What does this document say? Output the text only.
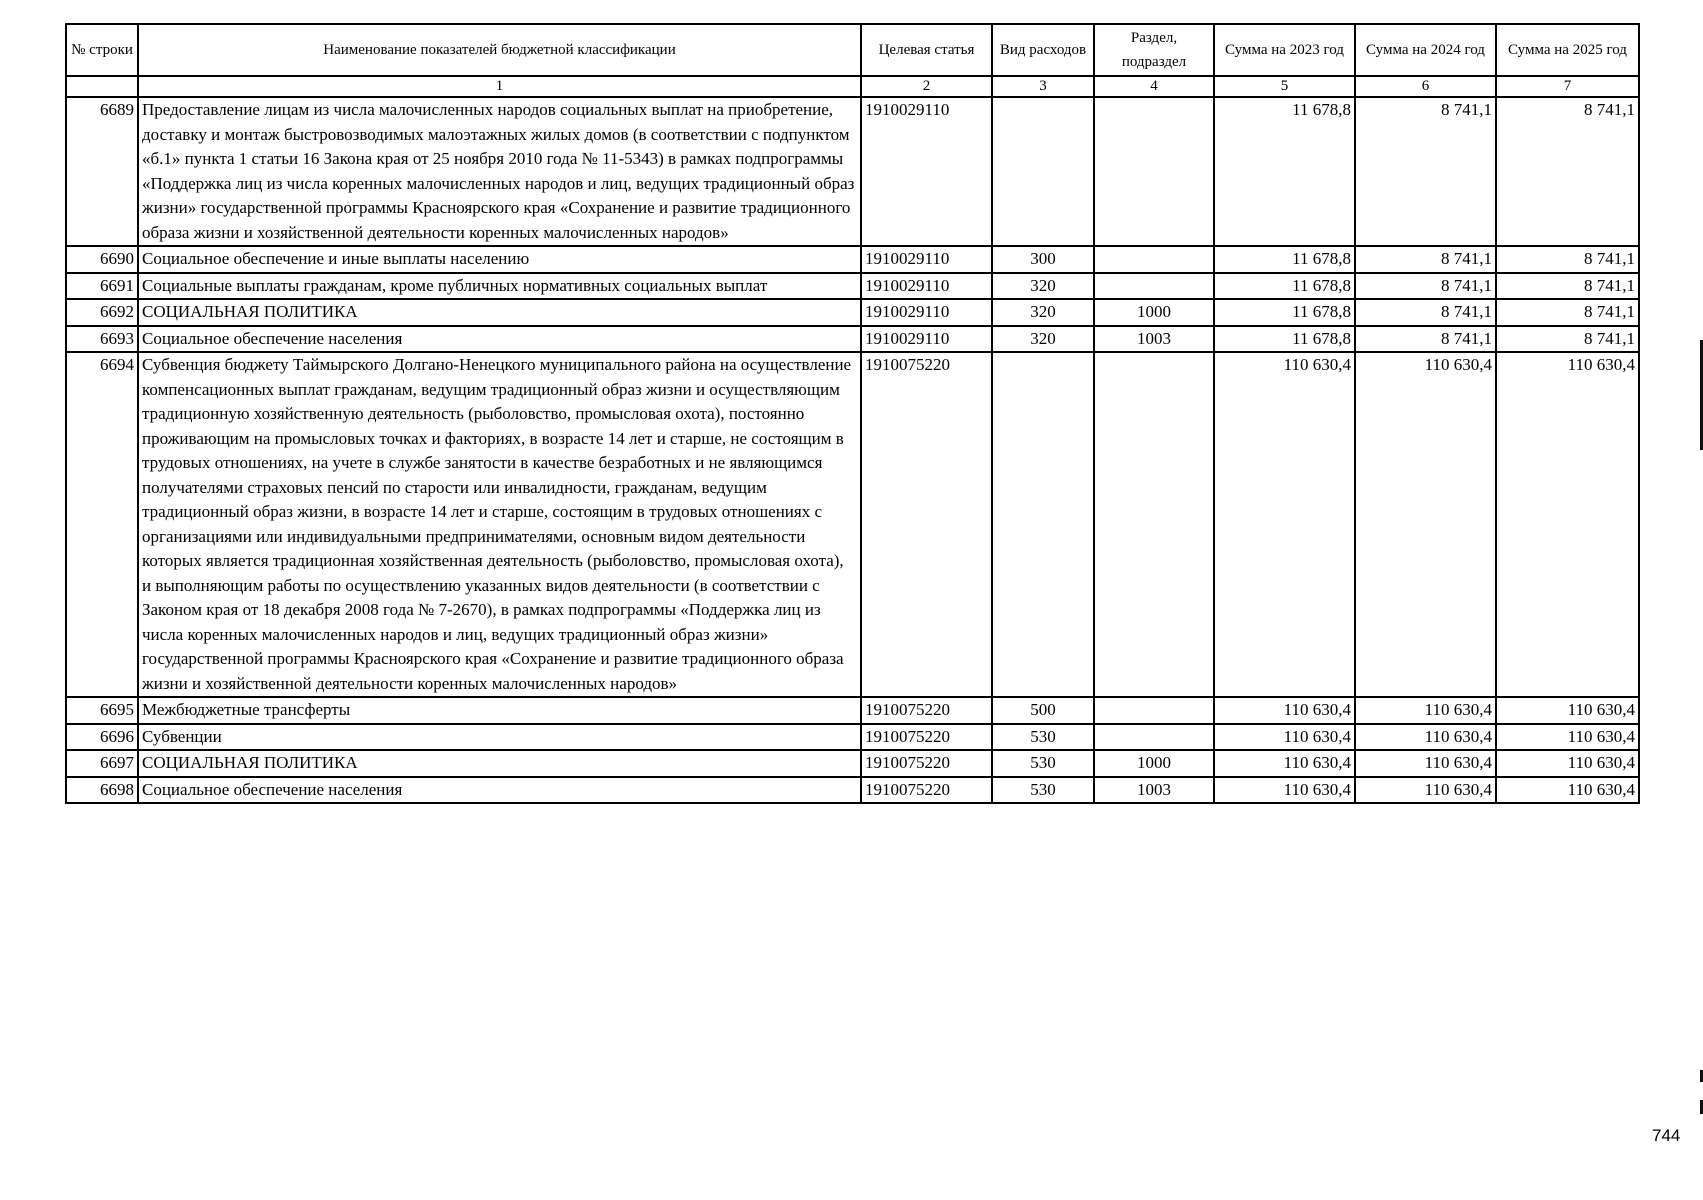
№ строки	Наименование показателей бюджетной классификации	Целевая статья	Вид расходов	Раздел, подраздел	Сумма на 2023 год	Сумма на 2024 год	Сумма на 2025 год
	1	2	3	4	5	6	7
6689	Предоставление лицам из числа малочисленных народов социальных выплат на приобретение, доставку и монтаж быстровозводимых малоэтажных жилых домов (в соответствии с подпунктом «б.1» пункта 1 статьи 16 Закона края от 25 ноября 2010 года № 11-5343) в рамках подпрограммы «Поддержка лиц из числа коренных малочисленных народов и лиц, ведущих традиционный образ жизни» государственной программы Красноярского края «Сохранение и развитие традиционного образа жизни и хозяйственной деятельности коренных малочисленных народов»	1910029110			11 678,8	8 741,1	8 741,1
6690	Социальное обеспечение и иные выплаты населению	1910029110	300		11 678,8	8 741,1	8 741,1
6691	Социальные выплаты гражданам, кроме публичных нормативных социальных выплат	1910029110	320		11 678,8	8 741,1	8 741,1
6692	СОЦИАЛЬНАЯ ПОЛИТИКА	1910029110	320	1000	11 678,8	8 741,1	8 741,1
6693	Социальное обеспечение населения	1910029110	320	1003	11 678,8	8 741,1	8 741,1
6694	Субвенция бюджету Таймырского Долгано-Ненецкого муниципального района на осуществление компенсационных выплат гражданам, ведущим традиционный образ жизни и осуществляющим традиционную хозяйственную деятельность (рыболовство, промысловая охота), постоянно проживающим на промысловых точках и факториях, в возрасте 14 лет и старше, не состоящим в трудовых отношениях, на учете в службе занятости в качестве безработных и не являющимся получателями страховых пенсий по старости или инвалидности, гражданам, ведущим традиционный образ жизни, в возрасте 14 лет и старше, состоящим в трудовых отношениях с организациями или индивидуальными предпринимателями, основным видом деятельности которых является традиционная хозяйственная деятельность (рыболовство, промысловая охота), и выполняющим работы по осуществлению указанных видов деятельности (в соответствии с Законом края от 18 декабря 2008 года № 7-2670), в рамках подпрограммы «Поддержка лиц из числа коренных малочисленных народов и лиц, ведущих традиционный образ жизни» государственной программы Красноярского края «Сохранение и развитие традиционного образа жизни и хозяйственной деятельности коренных малочисленных народов»	1910075220			110 630,4	110 630,4	110 630,4
6695	Межбюджетные трансферты	1910075220	500		110 630,4	110 630,4	110 630,4
6696	Субвенции	1910075220	530		110 630,4	110 630,4	110 630,4
6697	СОЦИАЛЬНАЯ ПОЛИТИКА	1910075220	530	1000	110 630,4	110 630,4	110 630,4
6698	Социальное обеспечение населения	1910075220	530	1003	110 630,4	110 630,4	110 630,4
744
